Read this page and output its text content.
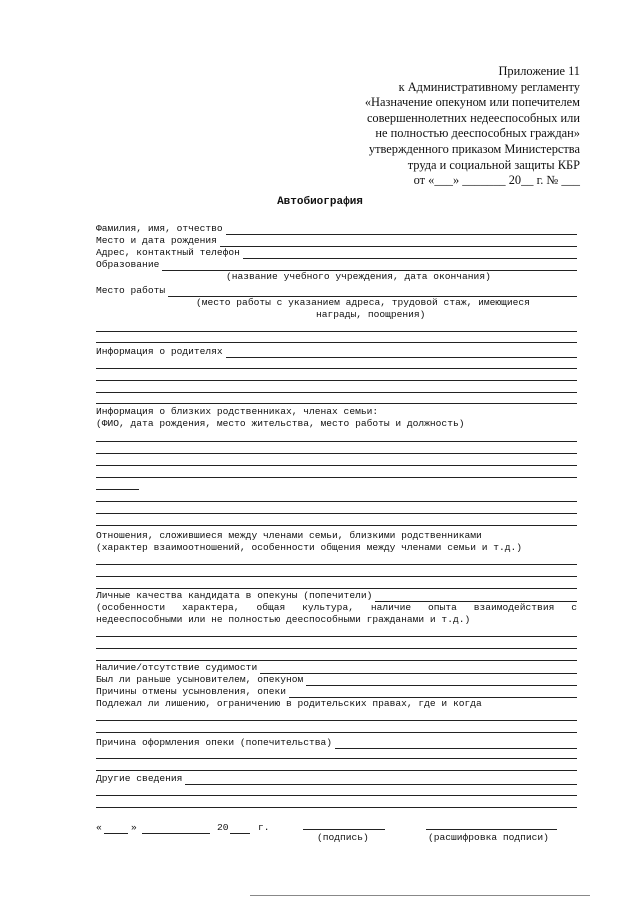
Приложение 11
к Административному регламенту
«Назначение опекуном или попечителем
совершеннолетних недееспособных или
не полностью дееспособных граждан»
утвержденного приказом Министерства
труда и социальной защиты КБР
от «___» _______ 20__ г. № ___
Автобиография
Фамилия, имя, отчество
Место и дата рождения
Адрес, контактный телефон
Образование
(название учебного учреждения, дата окончания)
Место работы
(место работы с указанием адреса, трудовой стаж, имеющиеся
награды, поощрения)
Информация о родителях
Информация о близких родственниках, членах семьи:
(ФИО, дата рождения, место жительства, место работы и должность)
Отношения, сложившиеся между членами семьи, близкими родственниками
(характер взаимоотношений, особенности общения между членами семьи и т.д.)
Личные качества кандидата в опекуны (попечители)
(особенности характера, общая культура, наличие опыта взаимодействия с
недееспособными или не полностью дееспособными гражданами и т.д.)
Наличие/отсутствие судимости
Был ли раньше усыновителем, опекуном
Причины отмены усыновления, опеки
Подлежал ли лишению, ограничению в родительских правах, где и когда
Причина оформления опеки (попечительства)
Другие сведения
«	»	20	г.
(подпись)	(расшифровка подписи)
